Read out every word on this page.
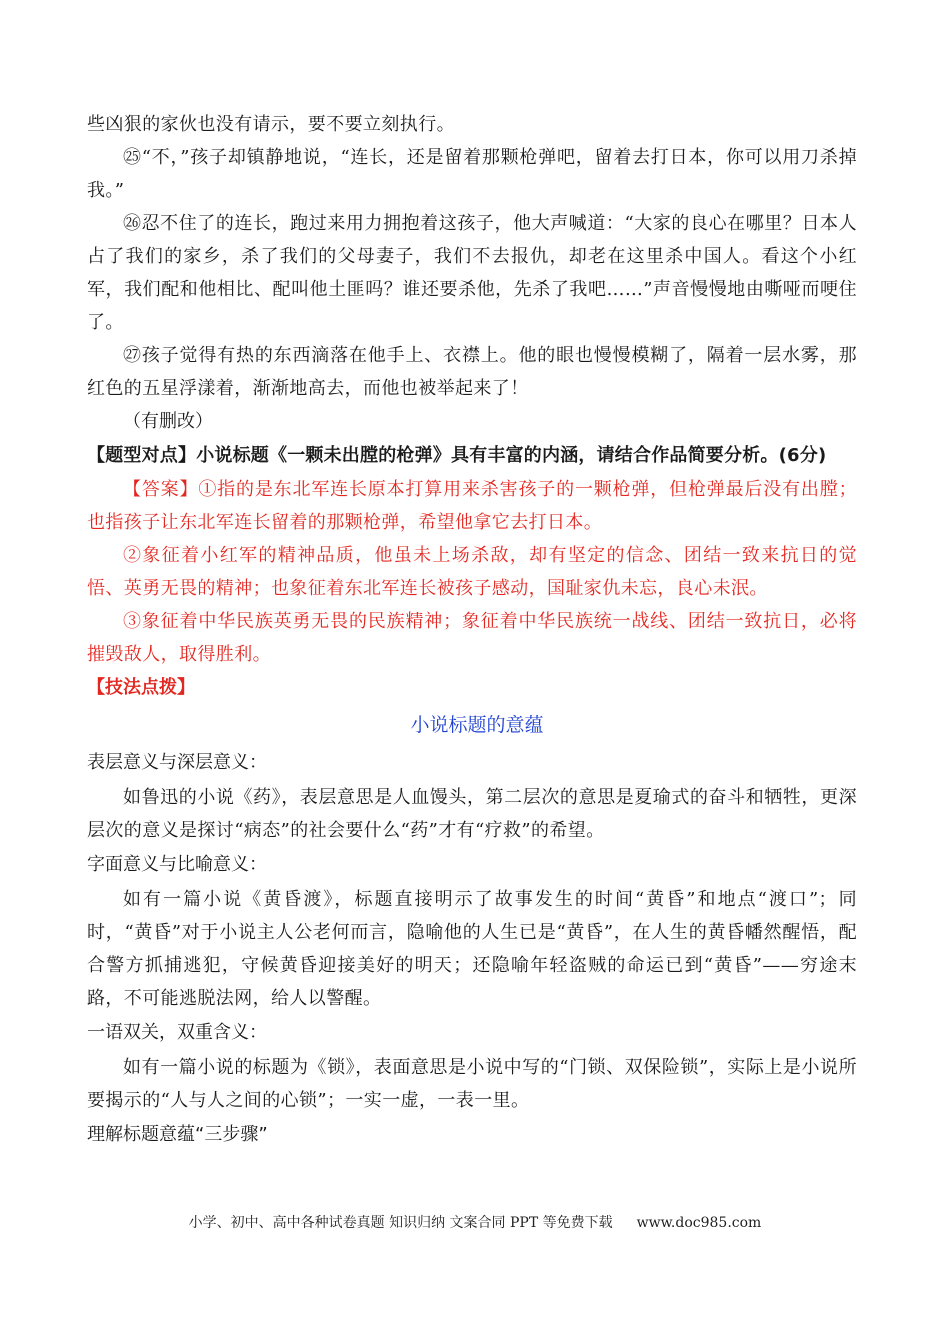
些凶狠的家伙也没有请示，要不要立刻执行。

㉕“不，”孩子却镇静地说，“连长，还是留着那颗枪弹吧，留着去打日本，你可以用刀杀掉我。”

㉖忍不住了的连长，跑过来用力拥抱着这孩子，他大声喊道：“大家的良心在哪里？日本人占了我们的家乡，杀了我们的父母妻子，我们不去报仇，却老在这里杀中国人。看这个小红军，我们配和他相比、配叫他土匪吗？谁还要杀他，先杀了我吧……”声音慢慢地由嘶哑而哽住了。

㉗孩子觉得有热的东西滴落在他手上、衣襟上。他的眼也慢慢模糊了，隔着一层水雾，那红色的五星浮漾着，渐渐地高去，而他也被举起来了！

（有删改）

【题型对点】小说标题《一颗未出膛的枪弹》具有丰富的内涵，请结合作品简要分析。(6分)

【答案】①指的是东北军连长原本打算用来杀害孩子的一颗枪弹，但枪弹最后没有出膛；也指孩子让东北军连长留着的那颗枪弹，希望他拿它去打日本。

②象征着小红军的精神品质，他虽未上场杀敌，却有坚定的信念、团结一致来抗日的觉悟、英勇无畏的精神；也象征着东北军连长被孩子感动，国耻家仇未忘，良心未泯。

③象征着中华民族英勇无畏的民族精神；象征着中华民族统一战线、团结一致抗日，必将摧毁敌人，取得胜利。

【技法点拨】

小说标题的意蕴

表层意义与深层意义：

如鲁迅的小说《药》，表层意思是人血馒头，第二层次的意思是夏瑜式的奋斗和牺牲，更深层次的意义是探讨“病态”的社会要什么“药”才有“疗救”的希望。

字面意义与比喻意义：

如有一篇小说《黄昏渡》，标题直接明示了故事发生的时间“黄昏”和地点“渡口”；同时，“黄昏”对于小说主人公老何而言，隐喻他的人生已是“黄昏”，在人生的黄昏幡然醒悟，配合警方抓捕逃犯，守候黄昏迎接美好的明天；还隐喻年轻盗贼的命运已到“黄昏”——穷途末路，不可能逃脱法网，给人以警醒。

一语双关，双重含义：

如有一篇小说的标题为《锁》，表面意思是小说中写的“门锁、双保险锁”，实际上是小说所要揭示的“人与人之间的心锁”；一实一虚，一表一里。

理解标题意蕴“三步骤”

小学、初中、高中各种试卷真题 知识归纳 文案合同 PPT 等免费下载 www.doc985.com
